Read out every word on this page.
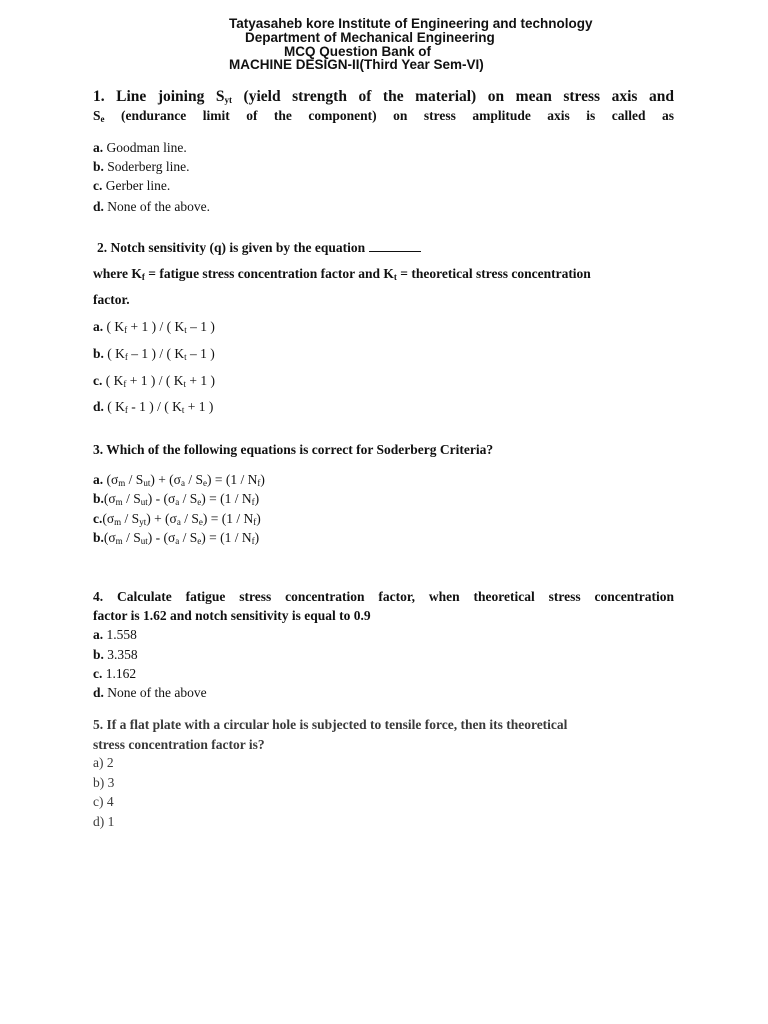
Tatyasaheb kore Institute of Engineering and technology
Department of Mechanical Engineering
MCQ Question Bank of
MACHINE DESIGN-II(Third Year Sem-VI)
1. Line joining $S_{yt}$ (yield strength of the material) on mean stress axis and
$S_e$ (endurance limit of the component) on stress amplitude axis is called as
a. Goodman line.
b. Soderberg line.
c. Gerber line.
d. None of the above.
2. Notch sensitivity (q) is given by the equation
where $K_f$ = fatigue stress concentration factor and $K_t$ = theoretical stress concentration
factor.
a. ( $K_f + 1$ ) / ( $K_t - 1$ )
b. ( $K_f - 1$ ) / ( $K_t - 1$ )
c. ( $K_f + 1$ ) / ( $K_t + 1$ )
d. ( $K_f - 1$ ) / ( $K_t + 1$ )
3. Which of the following equations is correct for Soderberg Criteria?
a. $(\sigma_m / S_{ut}) + (\sigma_a / S_e) = (1 / N_f)$
$b.(\sigma_m / S_{ut}) - (\sigma_a / S_e) = (1 / N_f)$
$c.(\sigma_m / S_{yt}) + (\sigma_a / S_e) = (1 / N_f)$
$b.(\sigma_m / S_{ut}) - (\sigma_a / S_e) = (1 / N_f)$
4. Calculate fatigue stress concentration factor, when theoretical stress concentration
factor is 1.62 and notch sensitivity is equal to 0.9
a. 1.558
b. 3.358
c. 1.162
d. None of the above
5. If a flat plate with a circular hole is subjected to tensile force, then its theoretical
stress concentration factor is?
a) 2
b) 3
c) 4
d) 1
